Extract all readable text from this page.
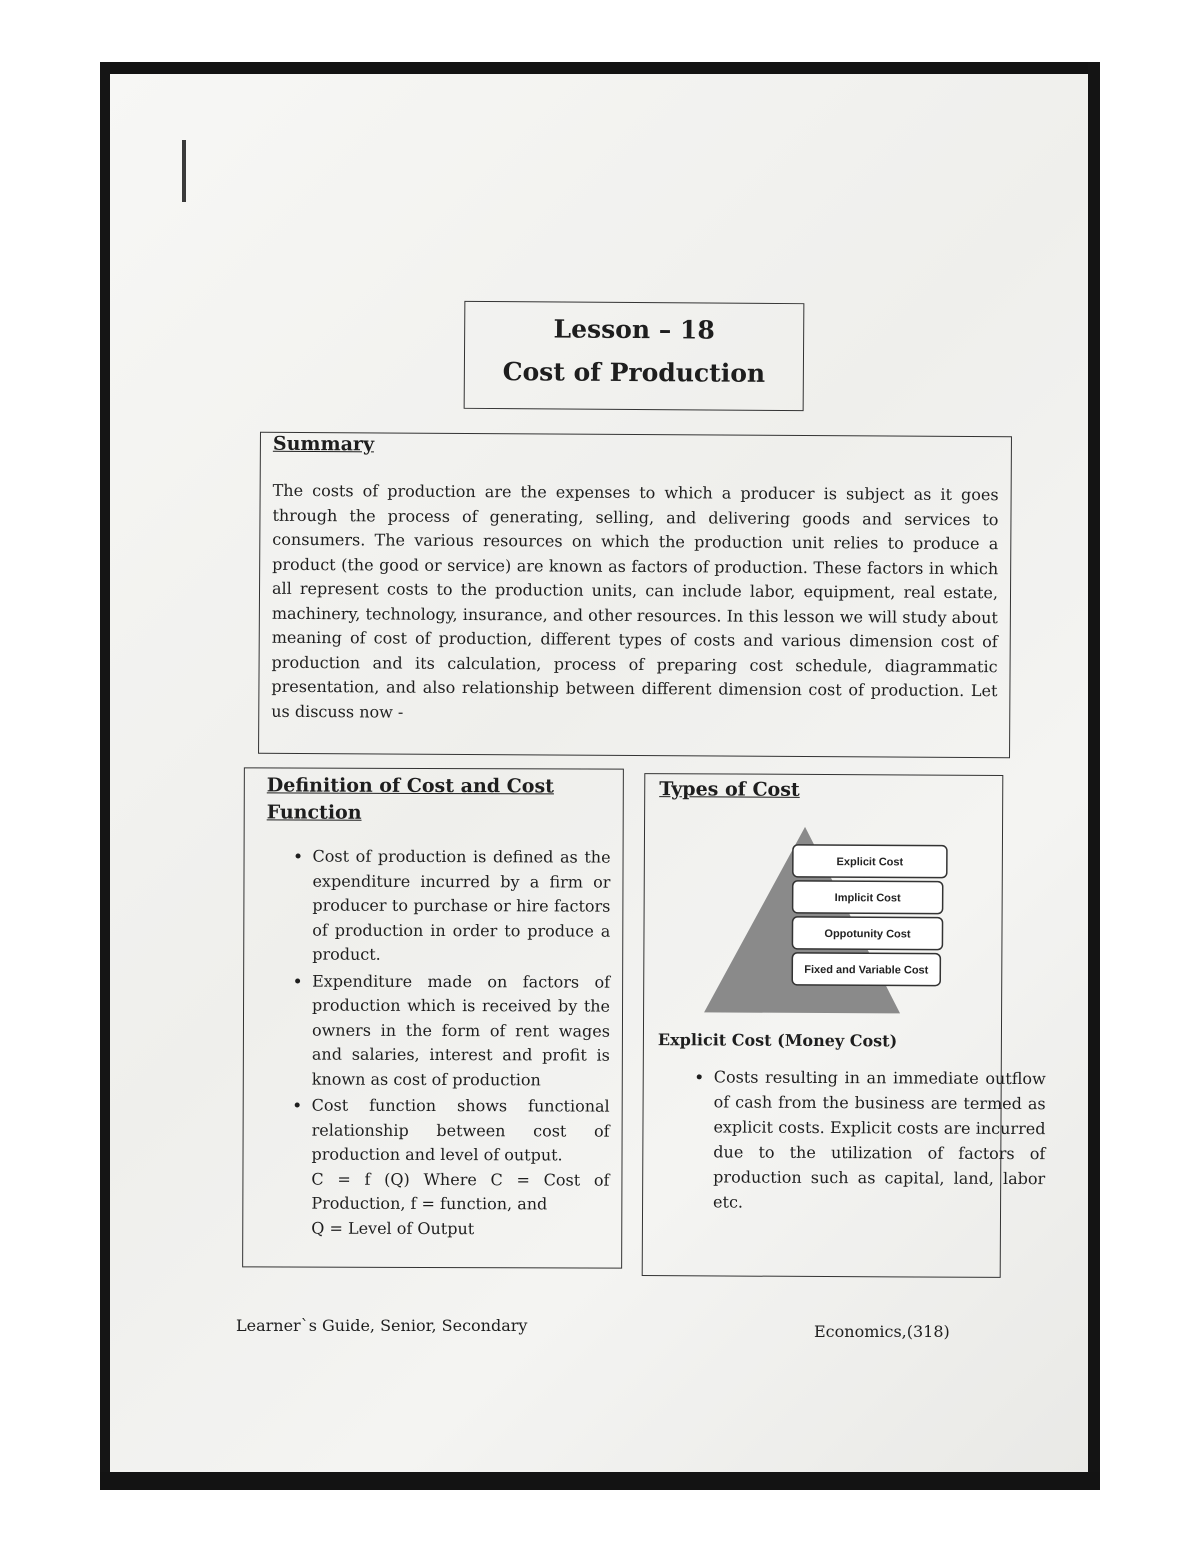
Lesson – 18
Cost of Production
Summary
The costs of production are the expenses to which a producer is subject as it goes through the process of generating, selling, and delivering goods and services to consumers. The various resources on which the production unit relies to produce a product (the good or service) are known as factors of production. These factors in which all represent costs to the production units, can include labor, equipment, real estate, machinery, technology, insurance, and other resources. In this lesson we will study about meaning of cost of production, different types of costs and various dimension cost of production and its calculation, process of preparing cost schedule, diagrammatic presentation, and also relationship between different dimension cost of production. Let us discuss now -
Definition of Cost and Cost Function
• Cost of production is defined as the expenditure incurred by a firm or producer to purchase or hire factors of production in order to produce a product.
• Expenditure made on factors of production which is received by the owners in the form of rent wages and salaries, interest and profit is known as cost of production
• Cost function shows functional relationship between cost of production and level of output.
C = f (Q) Where C = Cost of Production, f = function, and
Q = Level of Output
Types of Cost
Explicit Cost
Implicit Cost
Oppotunity Cost
Fixed and Variable Cost
Explicit Cost (Money Cost)
• Costs resulting in an immediate outflow of cash from the business are termed as explicit costs. Explicit costs are incurred due to the utilization of factors of production such as capital, land, labor etc.
Learner`s Guide, Senior, Secondary	Economics,(318)
